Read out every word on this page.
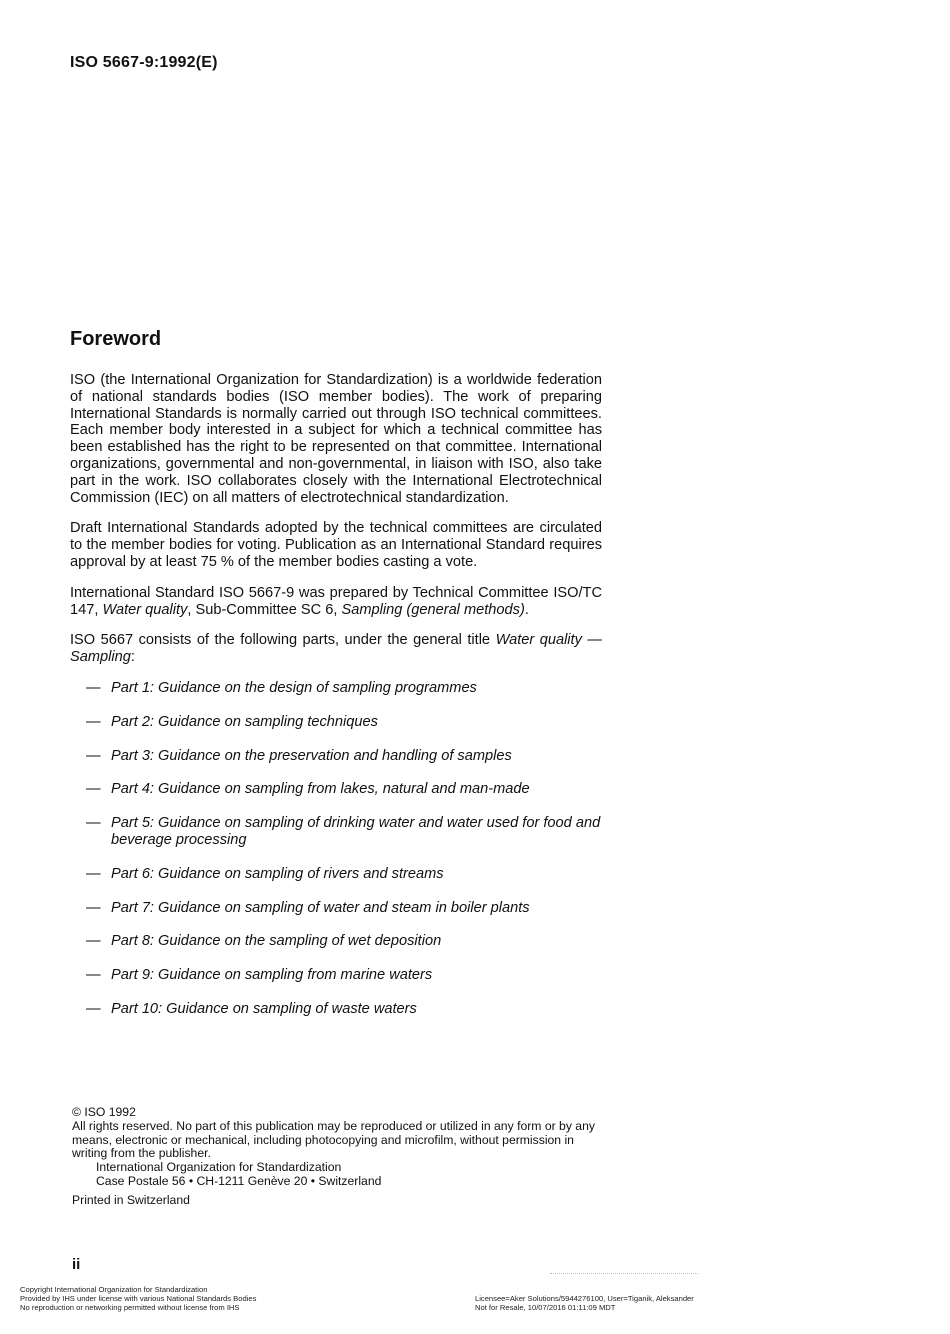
ISO 5667-9:1992(E)
Foreword

ISO (the International Organization for Standardization) is a worldwide federation of national standards bodies (ISO member bodies). The work of preparing International Standards is normally carried out through ISO technical committees. Each member body interested in a subject for which a technical committee has been established has the right to be represented on that committee. International organizations, governmental and non-governmental, in liaison with ISO, also take part in the work. ISO collaborates closely with the International Electrotechnical Commission (IEC) on all matters of electrotechnical standardization.

Draft International Standards adopted by the technical committees are circulated to the member bodies for voting. Publication as an International Standard requires approval by at least 75 % of the member bodies casting a vote.

International Standard ISO 5667-9 was prepared by Technical Committee ISO/TC 147, Water quality, Sub-Committee SC 6, Sampling (general methods).

ISO 5667 consists of the following parts, under the general title Water quality — Sampling:

— Part 1: Guidance on the design of sampling programmes
— Part 2: Guidance on sampling techniques
— Part 3: Guidance on the preservation and handling of samples
— Part 4: Guidance on sampling from lakes, natural and man-made
— Part 5: Guidance on sampling of drinking water and water used for food and beverage processing
— Part 6: Guidance on sampling of rivers and streams
— Part 7: Guidance on sampling of water and steam in boiler plants
— Part 8: Guidance on the sampling of wet deposition
— Part 9: Guidance on sampling from marine waters
— Part 10: Guidance on sampling of waste waters
© ISO 1992
All rights reserved. No part of this publication may be reproduced or utilized in any form or by any means, electronic or mechanical, including photocopying and microfilm, without permission in writing from the publisher.
International Organization for Standardization
Case Postale 56 • CH-1211 Genève 20 • Switzerland
Printed in Switzerland
ii
Copyright International Organization for Standardization
Provided by IHS under license with various National Standards Bodies
No reproduction or networking permitted without license from IHS
Licensee=Aker Solutions/5944276100, User=Tiganik, Aleksander
Not for Resale, 10/07/2016 01:11:09 MDT
